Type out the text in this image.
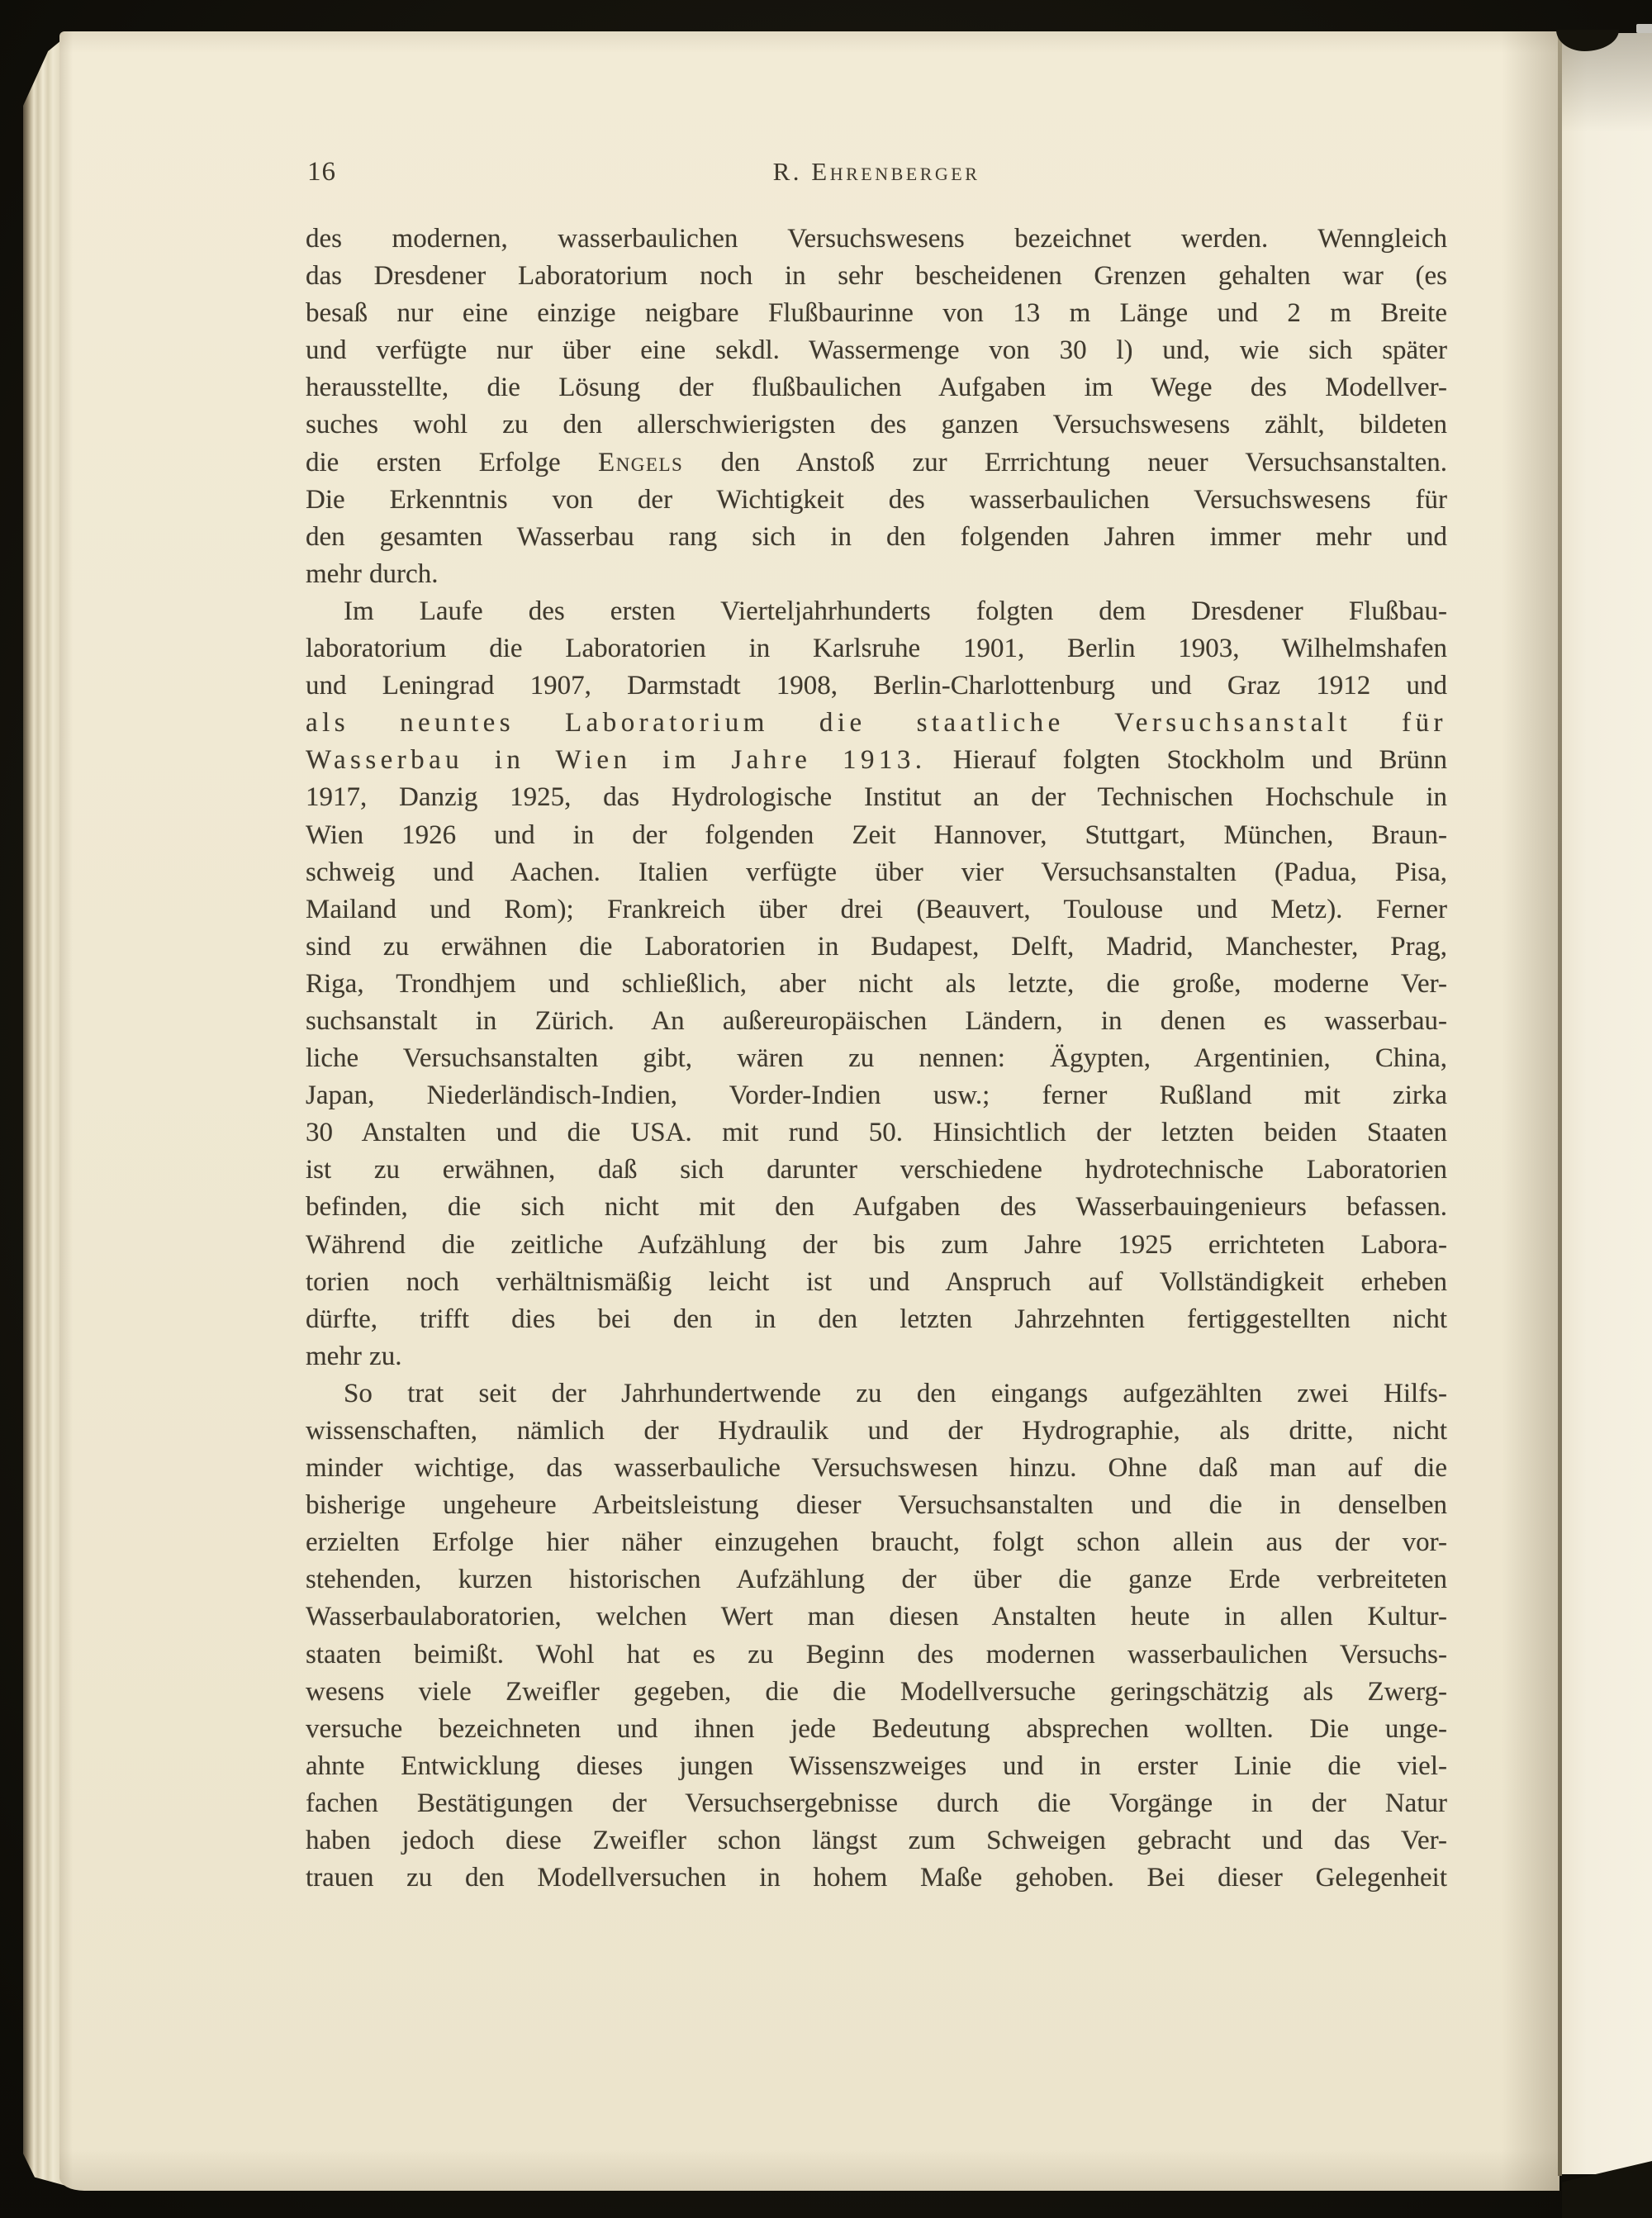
16	R. Ehrenberger
des modernen, wasserbaulichen Versuchswesens bezeichnet werden. Wenngleich
das Dresdener Laboratorium noch in sehr bescheidenen Grenzen gehalten war (es
besaß nur eine einzige neigbare Flußbaurinne von 13 m Länge und 2 m Breite
und verfügte nur über eine sekdl. Wassermenge von 30 l) und, wie sich später
herausstellte, die Lösung der flußbaulichen Aufgaben im Wege des Modellver-
suches wohl zu den allerschwierigsten des ganzen Versuchswesens zählt, bildeten
die ersten Erfolge Engels den Anstoß zur Errrichtung neuer Versuchsanstalten.
Die Erkenntnis von der Wichtigkeit des wasserbaulichen Versuchswesens für
den gesamten Wasserbau rang sich in den folgenden Jahren immer mehr und
mehr durch.
Im Laufe des ersten Vierteljahrhunderts folgten dem Dresdener Flußbau-
laboratorium die Laboratorien in Karlsruhe 1901, Berlin 1903, Wilhelmshafen
und Leningrad 1907, Darmstadt 1908, Berlin-Charlottenburg und Graz 1912 und
als neuntes Laboratorium die staatliche Versuchsanstalt für
Wasserbau in Wien im Jahre 1913. Hierauf folgten Stockholm und Brünn
1917, Danzig 1925, das Hydrologische Institut an der Technischen Hochschule in
Wien 1926 und in der folgenden Zeit Hannover, Stuttgart, München, Braun-
schweig und Aachen. Italien verfügte über vier Versuchsanstalten (Padua, Pisa,
Mailand und Rom); Frankreich über drei (Beauvert, Toulouse und Metz). Ferner
sind zu erwähnen die Laboratorien in Budapest, Delft, Madrid, Manchester, Prag,
Riga, Trondhjem und schließlich, aber nicht als letzte, die große, moderne Ver-
suchsanstalt in Zürich. An außereuropäischen Ländern, in denen es wasserbau-
liche Versuchsanstalten gibt, wären zu nennen: Ägypten, Argentinien, China,
Japan, Niederländisch-Indien, Vorder-Indien usw.; ferner Rußland mit zirka
30 Anstalten und die USA. mit rund 50. Hinsichtlich der letzten beiden Staaten
ist zu erwähnen, daß sich darunter verschiedene hydrotechnische Laboratorien
befinden, die sich nicht mit den Aufgaben des Wasserbauingenieurs befassen.
Während die zeitliche Aufzählung der bis zum Jahre 1925 errichteten Labora-
torien noch verhältnismäßig leicht ist und Anspruch auf Vollständigkeit erheben
dürfte, trifft dies bei den in den letzten Jahrzehnten fertiggestellten nicht
mehr zu.
So trat seit der Jahrhundertwende zu den eingangs aufgezählten zwei Hilfs-
wissenschaften, nämlich der Hydraulik und der Hydrographie, als dritte, nicht
minder wichtige, das wasserbauliche Versuchswesen hinzu. Ohne daß man auf die
bisherige ungeheure Arbeitsleistung dieser Versuchsanstalten und die in denselben
erzielten Erfolge hier näher einzugehen braucht, folgt schon allein aus der vor-
stehenden, kurzen historischen Aufzählung der über die ganze Erde verbreiteten
Wasserbaulaboratorien, welchen Wert man diesen Anstalten heute in allen Kultur-
staaten beimißt. Wohl hat es zu Beginn des modernen wasserbaulichen Versuchs-
wesens viele Zweifler gegeben, die die Modellversuche geringschätzig als Zwerg-
versuche bezeichneten und ihnen jede Bedeutung absprechen wollten. Die unge-
ahnte Entwicklung dieses jungen Wissenszweiges und in erster Linie die viel-
fachen Bestätigungen der Versuchsergebnisse durch die Vorgänge in der Natur
haben jedoch diese Zweifler schon längst zum Schweigen gebracht und das Ver-
trauen zu den Modellversuchen in hohem Maße gehoben. Bei dieser Gelegenheit
